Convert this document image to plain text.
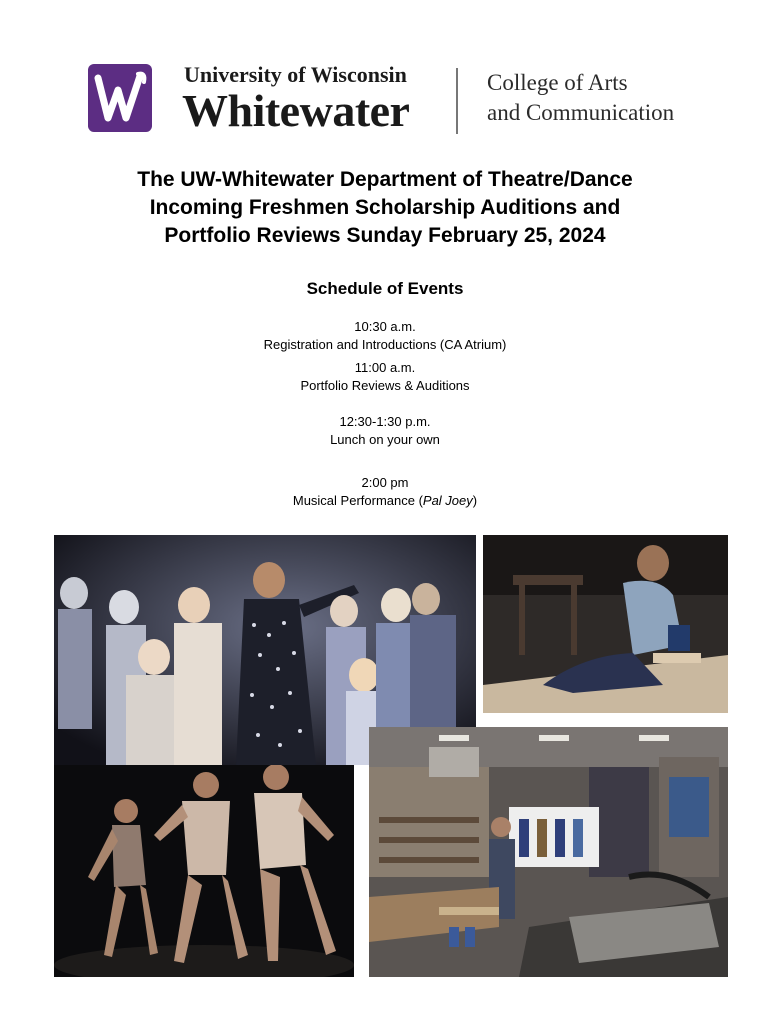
University of Wisconsin
Whitewater
College of Arts
and Communication
The UW-Whitewater Department of Theatre/Dance
Incoming Freshmen Scholarship Auditions and
Portfolio Reviews Sunday February 25, 2024
Schedule of Events
10:30 a.m.
Registration and Introductions (CA Atrium)
11:00 a.m.
Portfolio Reviews & Auditions
12:30-1:30 p.m.
Lunch on your own
2:00 pm
Musical Performance (Pal Joey)
